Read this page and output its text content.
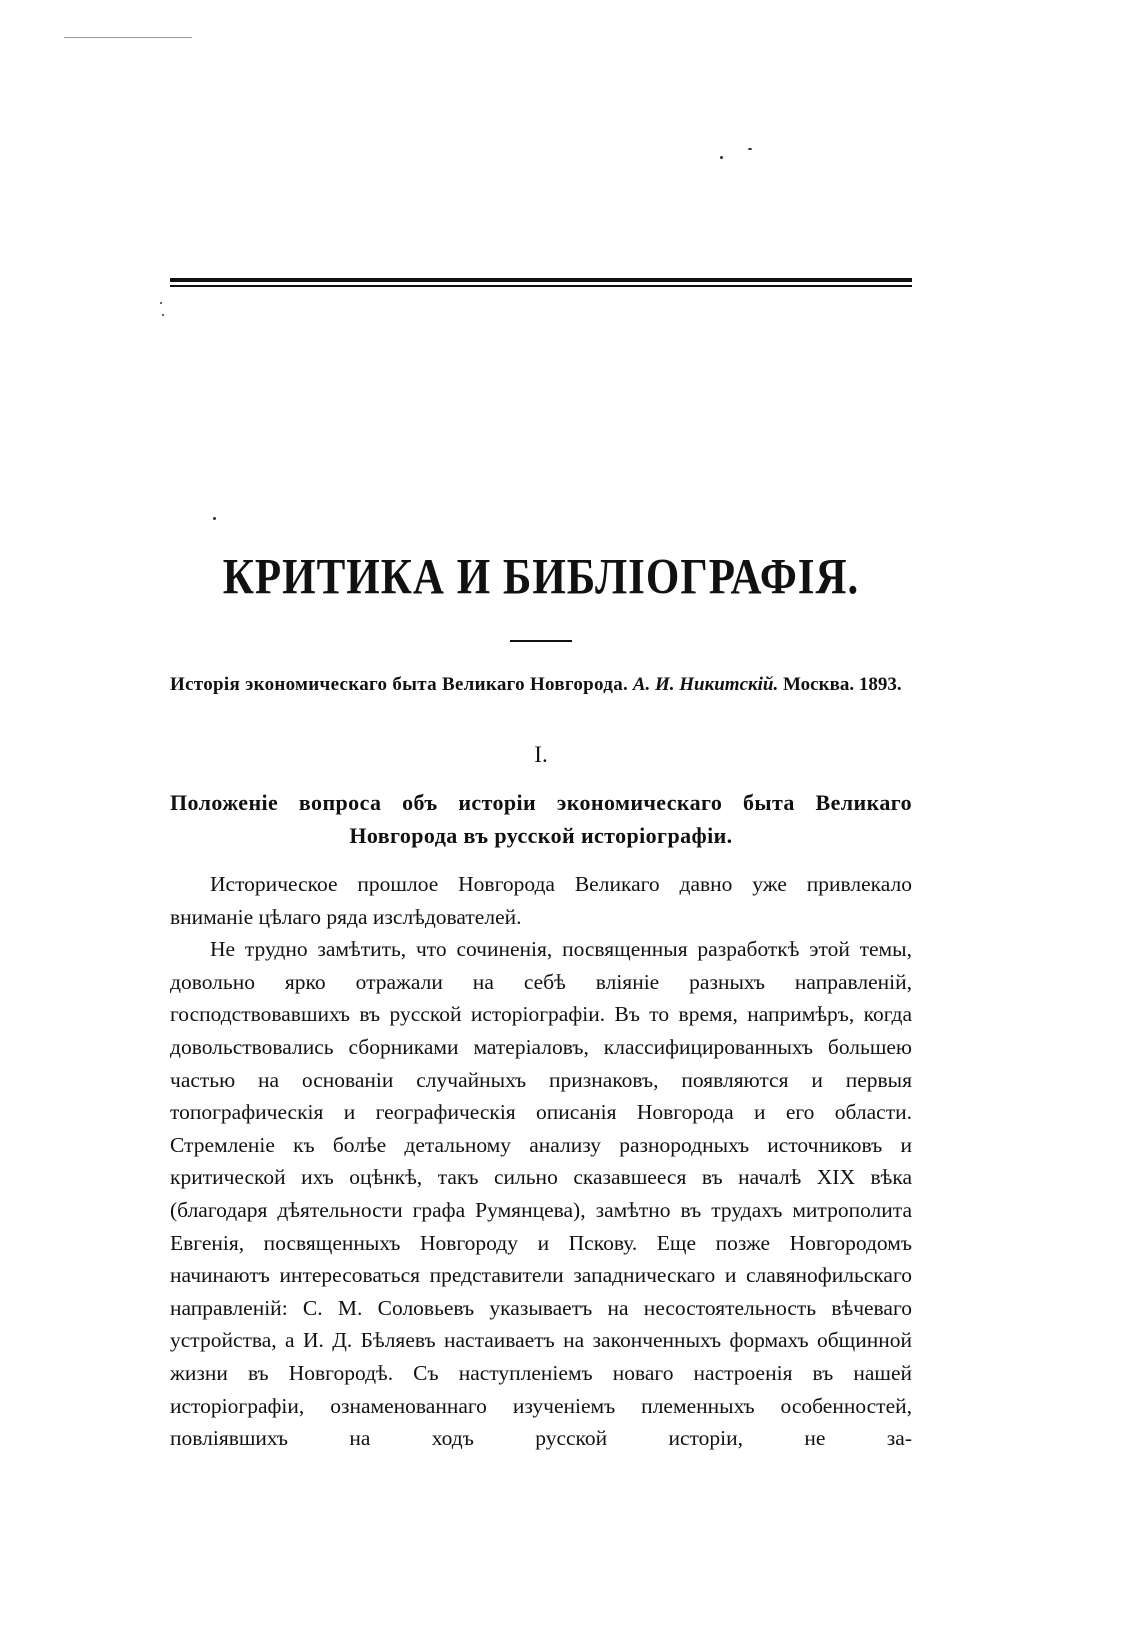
КРИТИКА И БИБЛІОГРАФІЯ.

Исторія экономическаго быта Великаго Новгорода. А. И. Никитскій. Москва. 1893.

I.

Положеніе вопроса объ исторіи экономическаго быта Великаго Новгорода въ русской исторіографіи.

Историческое прошлое Новгорода Великаго давно уже привлекало вниманіе цѣлаго ряда изслѣдователей.

Не трудно замѣтить, что сочиненія, посвященныя разработкѣ этой темы, довольно ярко отражали на себѣ вліяніе разныхъ направленій, господствовавшихъ въ русской исторіографіи. Въ то время, напримѣръ, когда довольствовались сборниками матеріаловъ, классифицированныхъ большею частью на основаніи случайныхъ признаковъ, появляются и первыя топографическія и географическія описанія Новгорода и его области. Стремленіе къ болѣе детальному анализу разнородныхъ источниковъ и критической ихъ оцѣнкѣ, такъ сильно сказавшееся въ началѣ XIX вѣка (благодаря дѣятельности графа Румянцева), замѣтно въ трудахъ митрополита Евгенія, посвященныхъ Новгороду и Пскову. Еще позже Новгородомъ начинаютъ интересоваться представители западническаго и славянофильскаго направленій: С. М. Соловьевъ указываетъ на несостоятельность вѣчеваго устройства, а И. Д. Бѣляевъ настаиваетъ на законченныхъ формахъ общинной жизни въ Новгородѣ. Съ наступленіемъ новаго настроенія въ нашей исторіографіи, ознаменованнаго изученіемъ племенныхъ особенностей, повліявшихъ на ходъ русской исторіи, не за-
